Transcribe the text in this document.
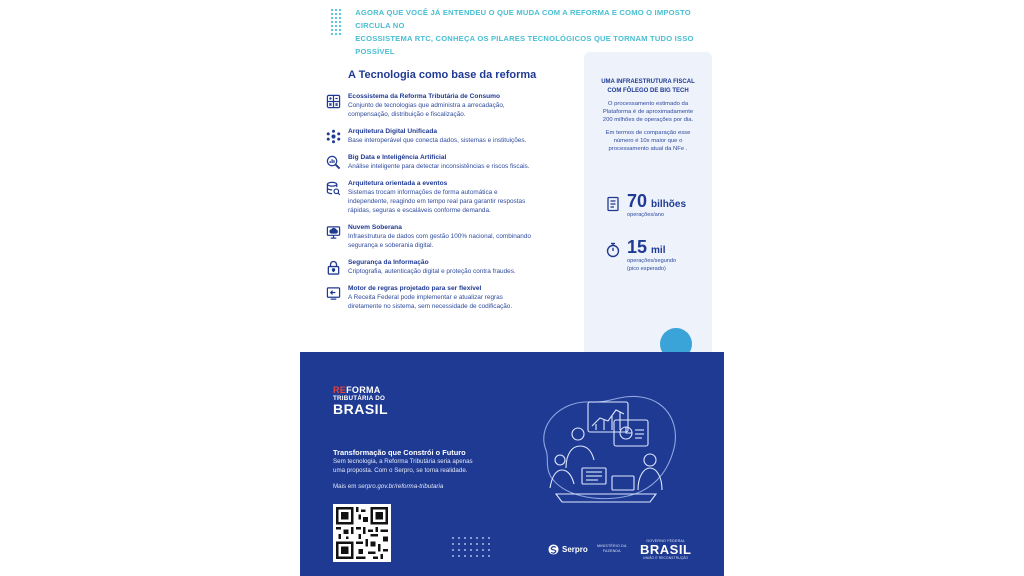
AGORA QUE VOCÊ JÁ ENTENDEU O QUE MUDA COM A REFORMA E COMO O IMPOSTO CIRCULA NO
ECOSSISTEMA RTC, CONHEÇA OS PILARES TECNOLÓGICOS QUE TORNAM TUDO ISSO POSSÍVEL
A Tecnologia como base da reforma
Ecossistema da Reforma Tributária de Consumo
Conjunto de tecnologias que administra a arrecadação,
compensação, distribuição e fiscalização.
Arquitetura Digital Unificada
Base interoperável que conecta dados, sistemas e instituições.
Big Data e Inteligência Artificial
Análise inteligente para detectar inconsistências e riscos fiscais.
Arquitetura orientada a eventos
Sistemas trocam informações de forma automática e
independente, reagindo em tempo real para garantir respostas
rápidas, seguras e escaláveis conforme demanda.
Nuvem Soberana
Infraestrutura de dados com gestão 100% nacional, combinando
segurança e soberania digital.
Segurança da Informação
Criptografia, autenticação digital e proteção contra fraudes.
Motor de regras projetado para ser flexível
A Receita Federal pode implementar e atualizar regras
diretamente no sistema, sem necessidade de codificação.
UMA INFRAESTRUTURA FISCAL
COM FÔLEGO DE BIG TECH
O processamento estimado da
Plataforma é de aproximadamente
200 milhões de operações por dia.
Em termos de comparação esse
número é 10x maior que o
processamento atual da NFe .
70 bilhões
operações/ano
15 mil
operações/segundo
(pico esperado)
REFORMA
TRIBUTÁRIA DO
BRASIL
Transformação que Constrói o Futuro
Sem tecnologia, a Reforma Tributária seria apenas
uma proposta. Com o Serpro, se torna realidade.
Mais em serpro.gov.br/reforma-tributaria
Serpro	MINISTÉRIO DA
FAZENDA
GOVERNO FEDERAL
BRASIL
UNIÃO E RECONSTRUÇÃO
